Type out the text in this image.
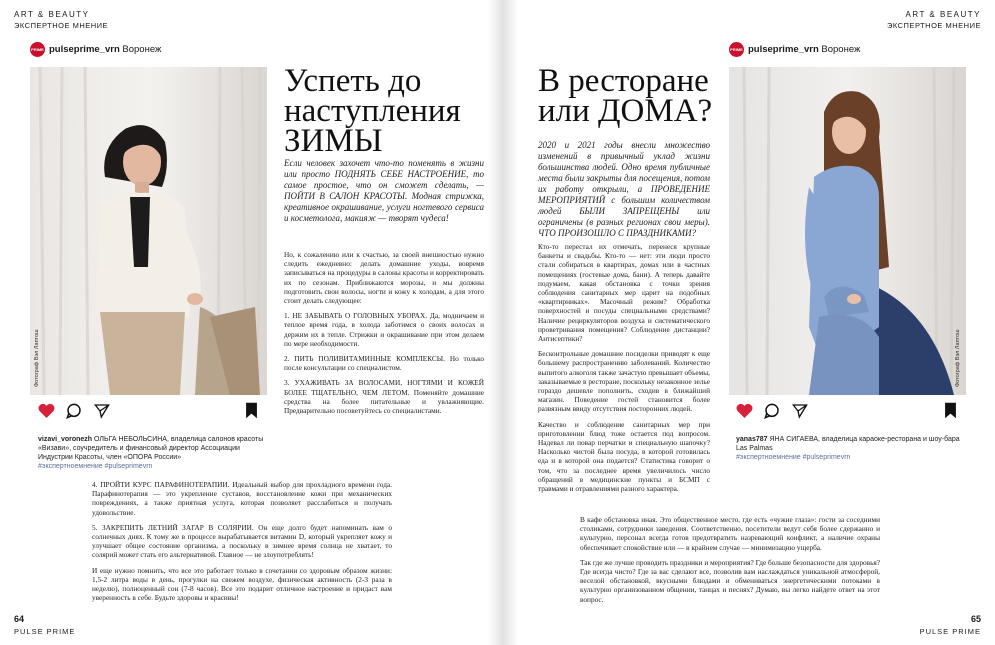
ART & BEAUTY
ЭКСПЕРТНОЕ МНЕНИЕ
PRIME pulseprime_vrn Воронеж
Фотограф Вэл Лаптош
vizavi_voronezh ОЛЬГА НЕБОЛЬСИНА, владелица салонов красоты «Визави», соучредитель и финансовый директор Ассоциации Индустрии Красоты, член «ОПОРА России»
#экспертноемнение #pulseprimevrn
Успеть до
наступления
ЗИМЫ
Если человек захочет что-то поменять в жизни или просто ПОДНЯТЬ СЕБЕ НАСТРОЕНИЕ, то самое простое, что он сможет сделать, — ПОЙТИ В САЛОН КРАСОТЫ. Модная стрижка, креативное окрашивание, услуги ногтевого сервиса и косметолога, макияж — творят чудеса!

Но, к сожалению или к счастью, за своей внешностью нужно следить ежедневно: делать домашние уходы, вовремя записываться на процедуры в салоны красоты и корректировать их по сезонам. Приближаются морозы, и мы должны подготовить свои волосы, ногти и кожу к холодам, а для этого стоит делать следующее:

1. НЕ ЗАБЫВАТЬ О ГОЛОВНЫХ УБОРАХ. Да, модничаем и теплое время года, в холода заботимся о своих волосах и держим их в тепле. Стрижки и окрашивание при этом делаем по мере необходимости.

2. ПИТЬ ПОЛИВИТАМИННЫЕ КОМПЛЕКСЫ. Но только после консультации со специалистом.

3. УХАЖИВАТЬ ЗА ВОЛОСАМИ, НОГТЯМИ И КОЖЕЙ БОЛЕЕ ТЩАТЕЛЬНО, ЧЕМ ЛЕТОМ. Поменяйте домашние средства на более питательные и увлажняющие. Предварительно посоветуйтесь со специалистами.

4. ПРОЙТИ КУРС ПАРАФИНОТЕРАПИИ. Идеальный выбор для прохладного времени года. Парафинотерапия — это укрепление суставов, восстановление кожи при механических повреждениях, а также приятная услуга, которая позволяет расслабиться и получать удовольствие.

5. ЗАКРЕПИТЬ ЛЕТНИЙ ЗАГАР В СОЛЯРИИ. Он еще долго будет напоминать вам о солнечных днях. К тому же в процессе вырабатывается витамин D, который укрепляет кожу и улучшает общее состояние организма, а поскольку в зимнее время солнца не хватает, то солярий может стать его альтернативой. Главное — не злоупотреблять!

И еще нужно помнить, что все это работает только в сочетании со здоровым образом жизни: 1,5-2 литра воды в день, прогулки на свежем воздухе, физическая активность (2-3 раза в неделю), полноценный сон (7-8 часов). Все это подарит отличное настроение и придаст вам уверенность в себе. Будьте здоровы и красивы!

64
PULSE PRIME
ART & BEAUTY
ЭКСПЕРТНОЕ МНЕНИЕ
PRIME pulseprime_vrn Воронеж
В ресторане
или ДОМА?
2020 и 2021 годы внесли множество изменений в привычный уклад жизни большинства людей. Одно время публичные места были закрыты для посещения, потом их работу открыли, а ПРОВЕДЕНИЕ МЕРОПРИЯТИЙ с большим количеством людей БЫЛИ ЗАПРЕЩЕНЫ или ограничены (в разных регионах свои меры). ЧТО ПРОИЗОШЛО С ПРАЗДНИКАМИ?

Кто-то перестал их отмечать, перенеся крупные банкеты и свадьбы. Кто-то — нет: эти люди просто стали собираться в квартирах, домах или в частных помещениях (гостевые дома, бани). А теперь давайте подумаем, какая обстановка с точки зрения соблюдения санитарных мер царит на подобных «квартирниках». Масочный режим? Обработка поверхностей и посуды специальными средствами? Наличие рециркуляторов воздуха и систематического проветривания помещения? Соблюдение дистанции? Антисептики?

Бесконтрольные домашние посиделки приводят к еще большему распространению заболеваний. Количество выпитого алкоголя также зачастую превышает объемы, заказываемые в ресторане, поскольку незаконное зелье гораздо дешевле пополнить, сходив в ближайший магазин. Поведение гостей становится более развязным ввиду отсутствия посторонних людей.

Качество и соблюдение санитарных мер при приготовлении блюд тоже остается под вопросом. Надевал ли повар перчатки и специальную шапочку? Насколько чистой была посуда, в которой готовилась еда и в которой она подается? Статистика говорит о том, что за последнее время увеличилось число обращений в медицинские пункты и БСМП с травмами и отравлениями разного характера.

Фотограф Вэл Лаптош
yanas787 ЯНА СИГАЕВА, владелица караоке-ресторана и шоу-бара Las Palmas
#экспертноемнение #pulseprimevrn

В кафе обстановка иная. Это общественное место, где есть «чужие глаза»: гости за соседними столиками, сотрудники заведения. Соответственно, посетители ведут себя более сдержанно и культурно, персонал всегда готов предотвратить назревающий конфликт, а наличие охраны обеспечивает спокойствие или — в крайнем случае — минимизацию ущерба.

Так где же лучше проводить праздники и мероприятия? Где больше безопасности для здоровья? Где всегда чисто? Где за вас сделают все, позволив вам наслаждаться уникальной атмосферой, веселой обстановкой, вкусными блюдами и обмениваться энергетическими потоками в культурно организованном общении, танцах и песнях? Думаю, вы легко найдете ответ на этот вопрос.

65
PULSE PRIME
